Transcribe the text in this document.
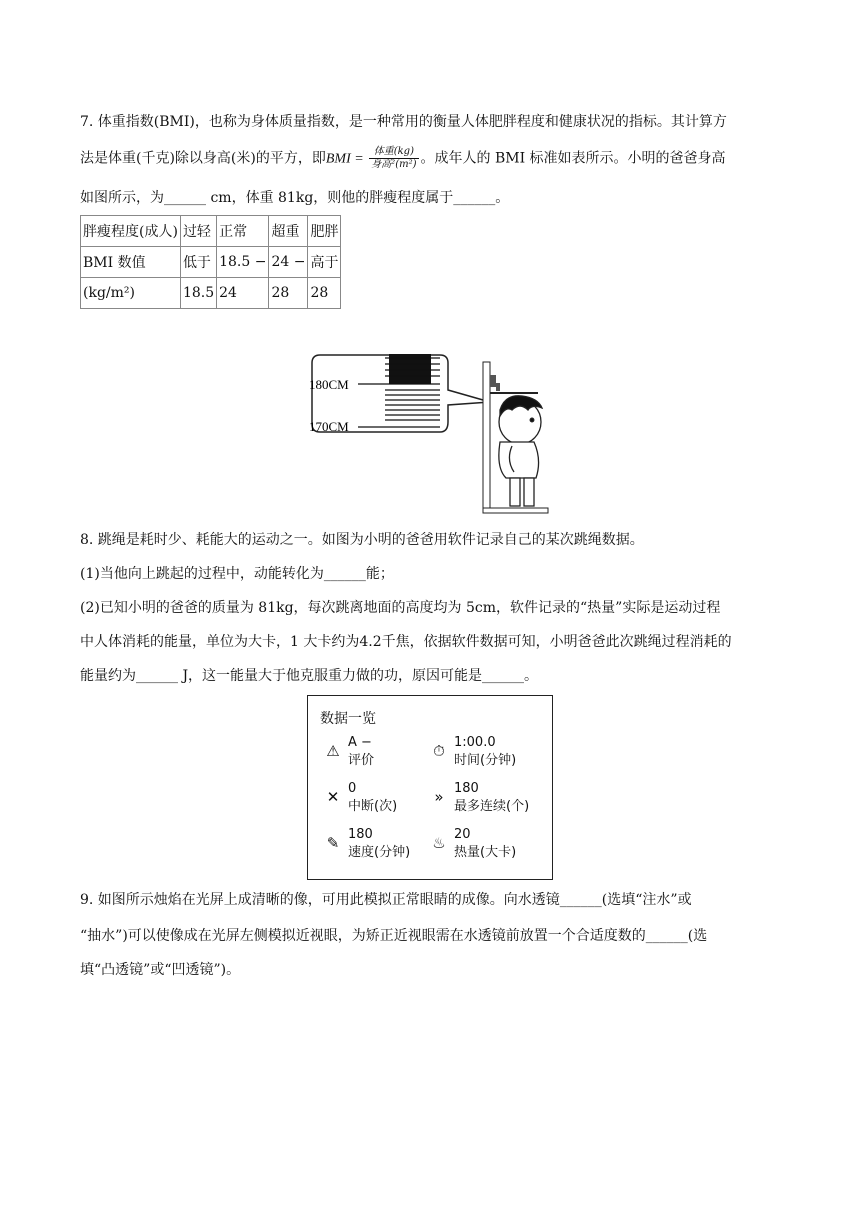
7. 体重指数(BMI)，也称为身体质量指数，是一种常用的衡量人体肥胖程度和健康状况的指标。其计算方
法是体重(千克)除以身高(米)的平方，即BMI = $\frac{\text{体重(kg)}}{\text{身高²(m²)}}$ 。成年人的 BMI 标准如表所示。小明的爸爸身高
如图所示，为______ cm，体重 81kg，则他的胖瘦程度属于______。
胖瘦程度(成人)	过轻	正常	超重	肥胖
BMI 数值	低于	18.5 −	24 −	高于
(kg/m²)	18.5	24	28	28
180CM
170CM
8. 跳绳是耗时少、耗能大的运动之一。如图为小明的爸爸用软件记录自己的某次跳绳数据。
(1)当他向上跳起的过程中，动能转化为______能；
(2)已知小明的爸爸的质量为 81kg，每次跳离地面的高度均为 5cm，软件记录的“热量”实际是运动过程
中人体消耗的能量，单位为大卡，1 大卡约为4.2千焦，依据软件数据可知，小明爸爸此次跳绳过程消耗的
能量约为______ J，这一能量大于他克服重力做的功，原因可能是______。
数据一览
⚠ A −
评价
⏱ 1:00.0
时间(分钟)
✕ 0
中断(次)
» 180
最多连续(个)
✎ 180
速度(分钟)
♨ 20
热量(大卡)
9. 如图所示烛焰在光屏上成清晰的像，可用此模拟正常眼睛的成像。向水透镜______(选填“注水”或
“抽水”)可以使像成在光屏左侧模拟近视眼，为矫正近视眼需在水透镜前放置一个合适度数的______(选
填“凸透镜”或“凹透镜”)。
